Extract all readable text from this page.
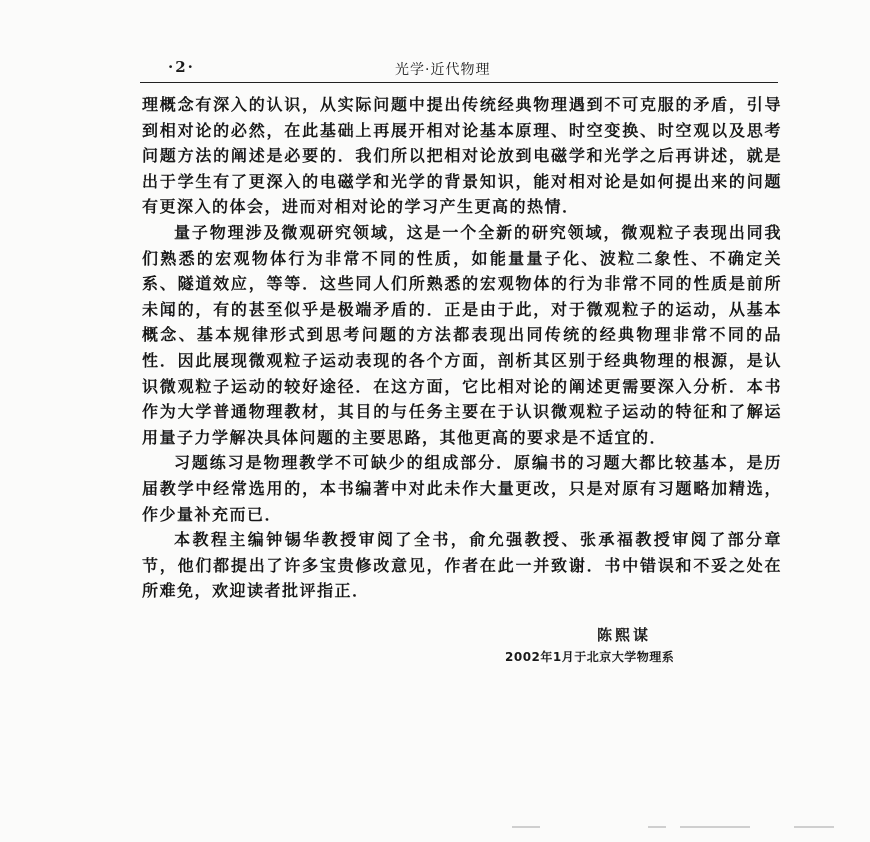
·2·	光学·近代物理

理概念有深入的认识，从实际问题中提出传统经典物理遇到不可克服的矛盾，引导到相对论的必然，在此基础上再展开相对论基本原理、时空变换、时空观以及思考问题方法的阐述是必要的．我们所以把相对论放到电磁学和光学之后再讲述，就是出于学生有了更深入的电磁学和光学的背景知识，能对相对论是如何提出来的问题有更深入的体会，进而对相对论的学习产生更高的热情．

量子物理涉及微观研究领域，这是一个全新的研究领域，微观粒子表现出同我们熟悉的宏观物体行为非常不同的性质，如能量量子化、波粒二象性、不确定关系、隧道效应，等等．这些同人们所熟悉的宏观物体的行为非常不同的性质是前所未闻的，有的甚至似乎是极端矛盾的．正是由于此，对于微观粒子的运动，从基本概念、基本规律形式到思考问题的方法都表现出同传统的经典物理非常不同的品性．因此展现微观粒子运动表现的各个方面，剖析其区别于经典物理的根源，是认识微观粒子运动的较好途径．在这方面，它比相对论的阐述更需要深入分析．本书作为大学普通物理教材，其目的与任务主要在于认识微观粒子运动的特征和了解运用量子力学解决具体问题的主要思路，其他更高的要求是不适宜的．

习题练习是物理教学不可缺少的组成部分．原编书的习题大都比较基本，是历届教学中经常选用的，本书编著中对此未作大量更改，只是对原有习题略加精选，作少量补充而已．

本教程主编钟锡华教授审阅了全书，俞允强教授、张承福教授审阅了部分章节，他们都提出了许多宝贵修改意见，作者在此一并致谢．书中错误和不妥之处在所难免，欢迎读者批评指正．

陈熙谋
2002年1月于北京大学物理系
